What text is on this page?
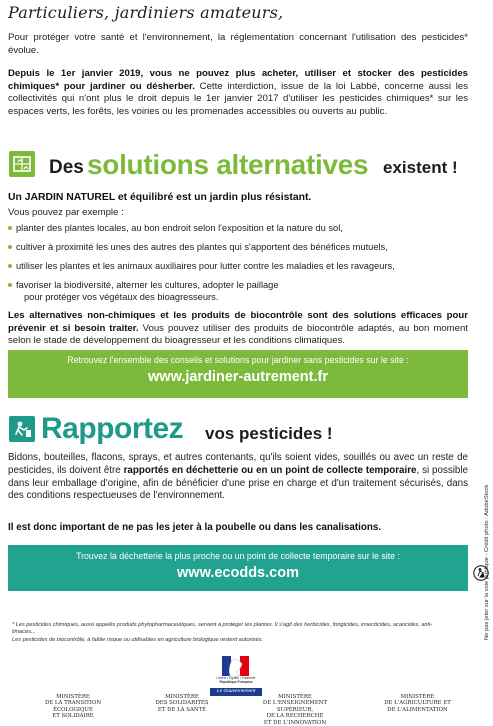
Particuliers, jardiniers amateurs,
Pour protéger votre santé et l'environnement, la réglementation concernant l'utilisation des pesticides* évolue.
Depuis le 1er janvier 2019, vous ne pouvez plus acheter, utiliser et stocker des pesticides chimiques* pour jardiner ou désherber. Cette interdiction, issue de la loi Labbé, concerne aussi les collectivités qui n'ont plus le droit depuis le 1er janvier 2017 d'utiliser les pesticides chimiques* sur les espaces verts, les forêts, les voiries ou les promenades accessibles ou ouverts au public.
Des solutions alternatives existent !
Un JARDIN NATUREL et équilibré est un jardin plus résistant.
Vous pouvez par exemple :
planter des plantes locales, au bon endroit selon l'exposition et la nature du sol,
cultiver à proximité les unes des autres des plantes qui s'apportent des bénéfices mutuels,
utiliser les plantes et les animaux auxiliaires pour lutter contre les maladies et les ravageurs,
favoriser la biodiversité, alterner les cultures, adopter le paillage
pour protéger vos végétaux des bioagresseurs.
Les alternatives non-chimiques et les produits de biocontrôle sont des solutions efficaces pour prévenir et si besoin traiter. Vous pouvez utiliser des produits de biocontrôle adaptés, au bon moment selon le stade de développement du bioagresseur et les conditions climatiques.
Retrouvez l'ensemble des conseils et solutions pour jardiner sans pesticides sur le site :
www.jardiner-autrement.fr
Rapportez vos pesticides !
Bidons, bouteilles, flacons, sprays, et autres contenants, qu'ils soient vides, souillés ou avec un reste de pesticides, ils doivent être rapportés en déchetterie ou en un point de collecte temporaire, si possible dans leur emballage d'origine, afin de bénéficier d'une prise en charge et d'un traitement sécurisés, dans des conditions respectueuses de l'environnement.
Il est donc important de ne pas les jeter à la poubelle ou dans les canalisations.
Trouvez la déchetterie la plus proche ou un point de collecte temporaire sur le site :
www.ecodds.com
* Les pesticides chimiques, aussi appelés produits phytopharmaceutiques, servent à protéger les plantes. Il s'agit des herbicides, fongicides, insecticides, acaricides, anti-limaces...
Les pesticides de biocontrôle, à faible risque ou utilisables en agriculture biologique restent autorisés.	Ne pas jeter sur la voie publique - Crédit photo : AdobeStock
Liberté • Égalité • Fraternité
République Française
Le Gouvernement
MINISTÈRE
DE LA TRANSITION
ÉCOLOGIQUE
ET SOLIDAIRE
MINISTÈRE
DES SOLIDARITÉS
ET DE LA SANTÉ
MINISTÈRE
DE L'ENSEIGNEMENT
SUPÉRIEUR,
DE LA RECHERCHE
ET DE L'INNOVATION
MINISTÈRE
DE L'AGRICULTURE ET
DE L'ALIMENTATION
